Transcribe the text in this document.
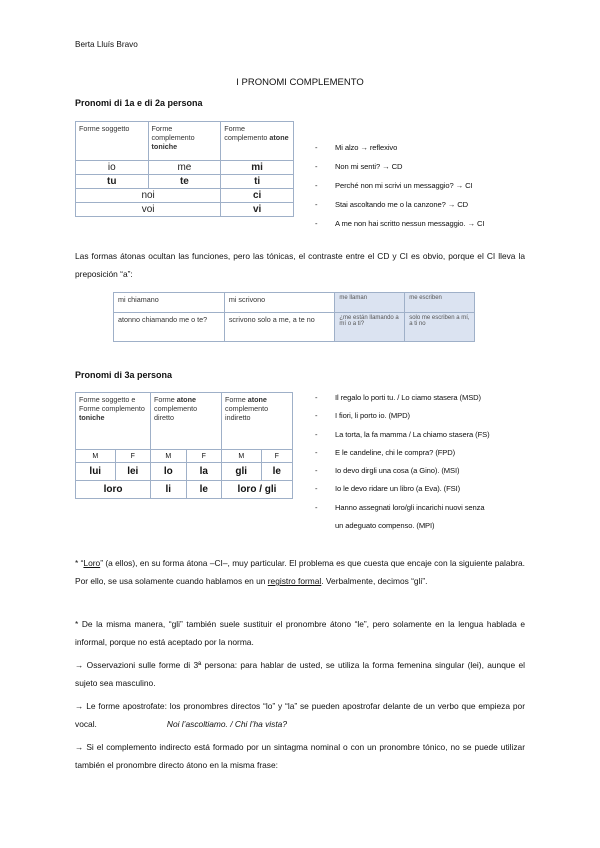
Berta Lluís Bravo
I PRONOMI COMPLEMENTO
Pronomi di 1a e di 2a persona
Forme soggetto	Forme complemento toniche	Forme complemento atone
io	me	mi
tu	te	ti
noi		ci
voi		vi
- Mi alzo → reflexivo
- Non mi senti? → CD
- Perché non mi scrivi un messaggio? → CI
- Stai ascoltando me o la canzone? → CD
- A me non hai scritto nessun messaggio. → CI
Las formas átonas ocultan las funciones, pero las tónicas, el contraste entre el CD y CI es obvio, porque el CI lleva la preposición “a”:
mi chiamano	mi scrivono	me llaman	me escriben
atonno chiamando me o te?	scrivono solo a me, a te no	¿me están llamando a mí o a ti?	solo me escriben a mí, a ti no
Pronomi di 3a persona
Forme soggetto e Forme complemento toniche		Forme atone complemento diretto		Forme atone complemento indiretto	
M	F	M	F	M	F
lui	lei	lo	la	gli	le
loro		li	le	loro / gli	
- Il regalo lo porti tu. / Lo ciamo stasera (MSD)
- I fiori, li porto io. (MPD)
- La torta, la fa mamma / La chiamo stasera (FS)
- E le candeline, chi le compra? (FPD)
- Io devo dirgli una cosa (a Gino). (MSI)
- Io le devo ridare un libro (a Eva). (FSI)
- Hanno assegnati loro/gli incarichi nuovi senza
un adeguato compenso. (MPI)
* “Loro” (a ellos), en su forma átona –CI–, muy particular. El problema es que cuesta que encaje con la siguiente palabra. Por ello, se usa solamente cuando hablamos en un registro formal. Verbalmente, decimos “gli”.
* De la misma manera, “gli” también suele sustituir el pronombre átono “le”, pero solamente en la lengua hablada e informal, porque no está aceptado por la norma.
→ Osservazioni sulle forme di 3ª persona: para hablar de usted, se utiliza la forma femenina singular (lei), aunque el sujeto sea masculino.
→ Le forme apostrofate: los pronombres directos “lo” y “la” se pueden apostrofar delante de un verbo que empieza por vocal.	Noi l’ascoltiamo. / Chi l’ha vista?
→ Si el complemento indirecto está formado por un sintagma nominal o con un pronombre tónico, no se puede utilizar también el pronombre directo átono en la misma frase:
